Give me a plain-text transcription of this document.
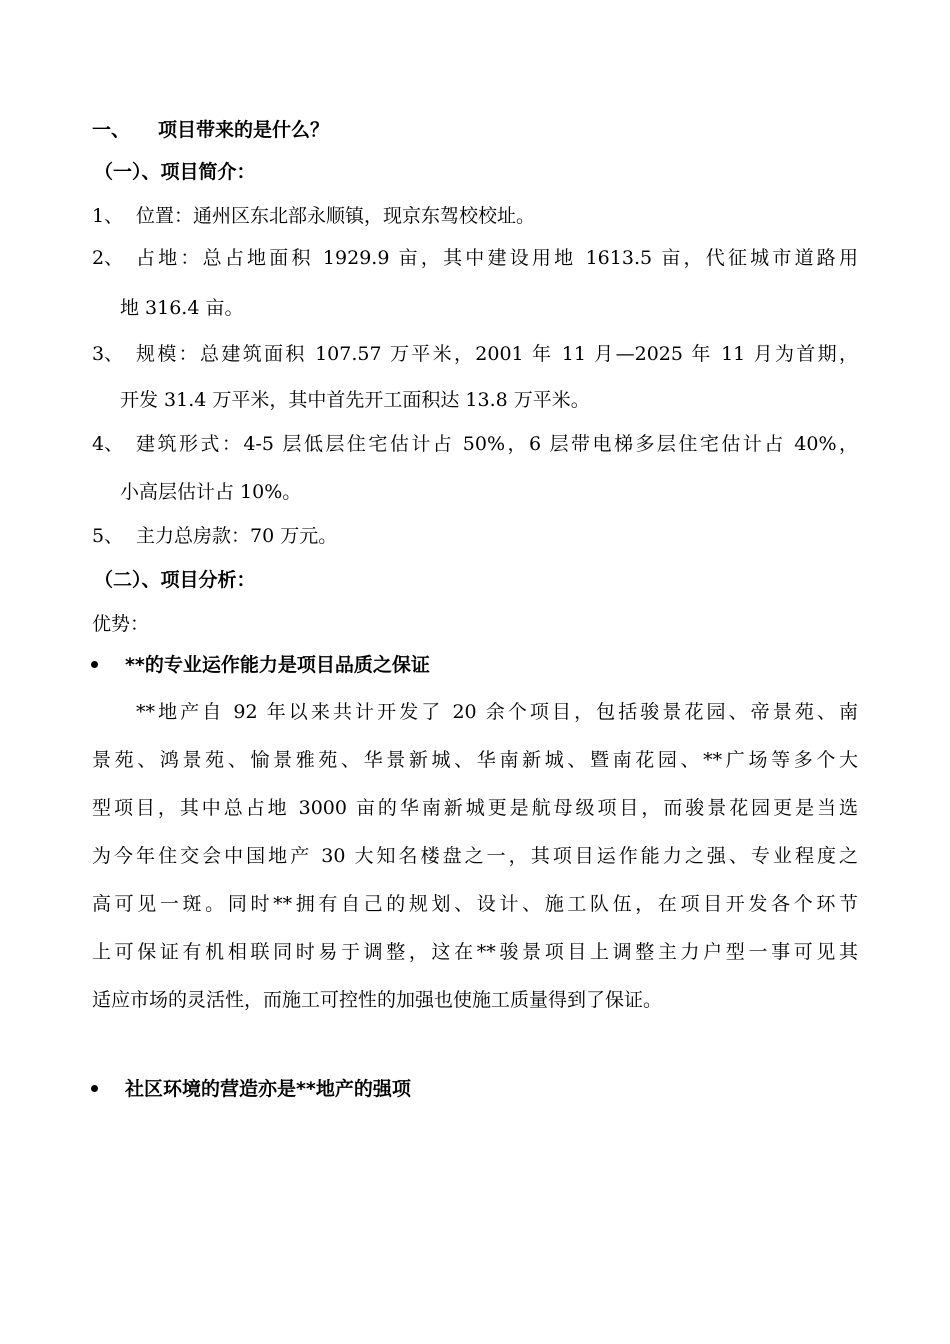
一、 项目带来的是什么？
（一）、项目简介：
1、 位置：通州区东北部永顺镇，现京东驾校校址。
2、 占地：总占地面积 1929.9 亩，其中建设用地 1613.5 亩，代征城市道路用
地 316.4 亩。
3、 规模：总建筑面积 107.57 万平米，2001 年 11 月—2025 年 11 月为首期，
开发 31.4 万平米，其中首先开工面积达 13.8 万平米。
4、 建筑形式：4-5 层低层住宅估计占 50%，6 层带电梯多层住宅估计占 40%，
小高层估计占 10%。
5、 主力总房款：70 万元。
（二）、项目分析：
优势：
**的专业运作能力是项目品质之保证
**地产自 92 年以来共计开发了 20 余个项目，包括骏景花园、帝景苑、南
景苑、鸿景苑、愉景雅苑、华景新城、华南新城、暨南花园、**广场等多个大
型项目，其中总占地 3000 亩的华南新城更是航母级项目，而骏景花园更是当选
为今年住交会中国地产 30 大知名楼盘之一，其项目运作能力之强、专业程度之
高可见一斑。同时**拥有自己的规划、设计、施工队伍，在项目开发各个环节
上可保证有机相联同时易于调整，这在**骏景项目上调整主力户型一事可见其
适应市场的灵活性，而施工可控性的加强也使施工质量得到了保证。
社区环境的营造亦是**地产的强项
